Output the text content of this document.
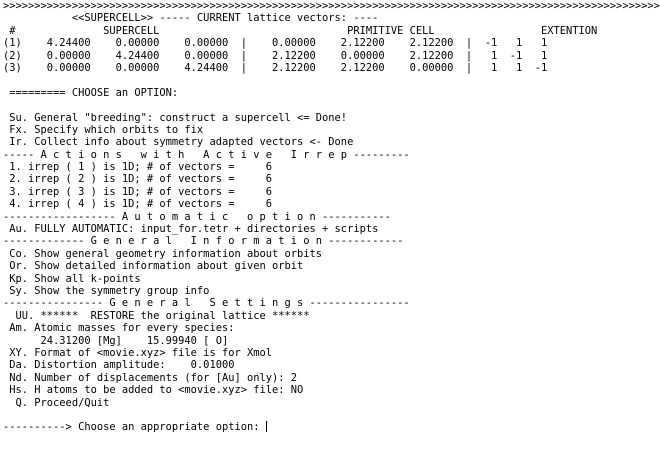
>>>>>>>>>>>>>>>>>>>>>>>>>>>>>>>>>>>>>>>>>>>>>>>>>>>>>>>>>>>>>>>>>>>>>>>>>>>>>>>>>>>>>>>>>>>>>>>>>>>>>>>>>
<<SUPERCELL>> ----- CURRENT lattice vectors: ----
#              SUPERCELL                              PRIMITIVE CELL                 EXTENTION
(1)    4.24400    0.00000    0.00000  |    0.00000    2.12200    2.12200  |  -1   1   1
(2)    0.00000    4.24400    0.00000  |    2.12200    0.00000    2.12200  |   1  -1   1
(3)    0.00000    0.00000    4.24400  |    2.12200    2.12200    0.00000  |   1   1  -1
========= CHOOSE an OPTION:
Su. General "breeding": construct a supercell <= Done!
Fx. Specify which orbits to fix
Ir. Collect info about symmetry adapted vectors <- Done
----- A c t i o n s   w i t h   A c t i v e   I r r e p ---------
1. irrep ( 1 ) is 1D; # of vectors =     6
2. irrep ( 2 ) is 1D; # of vectors =     6
3. irrep ( 3 ) is 1D; # of vectors =     6
4. irrep ( 4 ) is 1D; # of vectors =     6
------------------ A u t o m a t i c   o p t i o n -----------
Au. FULLY AUTOMATIC: input_for.tetr + directories + scripts
------------- G e n e r a l   I n f o r m a t i o n ------------
Co. Show general geometry information about orbits
Or. Show detailed information about given orbit
Kp. Show all k-points
Sy. Show the symmetry group info
---------------- G e n e r a l   S e t t i n g s ----------------
UU. ******  RESTORE the original lattice ******
Am. Atomic masses for every species:
24.31200 [Mg]    15.99940 [ O]
XY. Format of <movie.xyz> file is for Xmol
Da. Distortion amplitude:    0.01000
Nd. Number of displacements (for [Au] only): 2
Hs. H atoms to be added to <movie.xyz> file: NO
Q. Proceed/Quit
----------> Choose an appropriate option:
